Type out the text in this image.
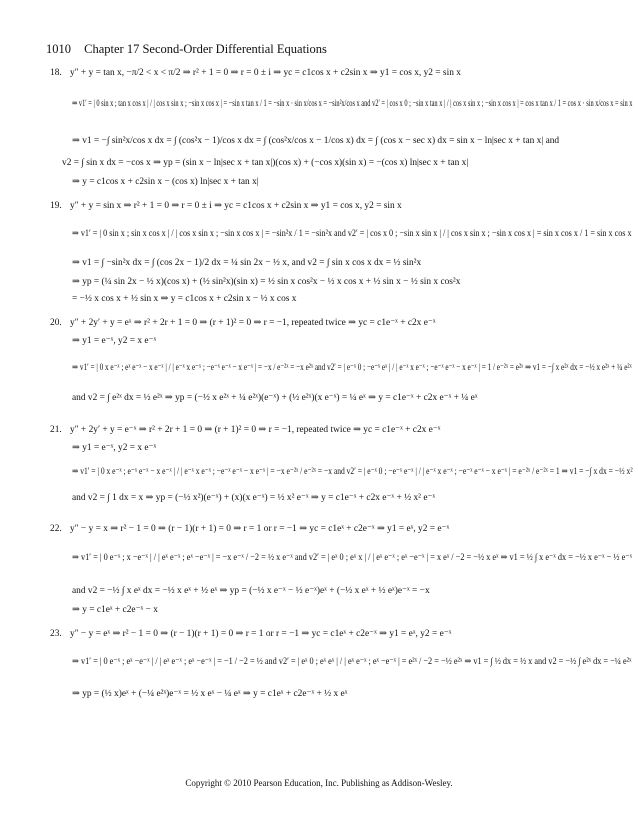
1010 Chapter 17 Second-Order Differential Equations
18. y″ + y = tan x, −π/2 < x < π/2 ⇒ r² + 1 = 0 ⇒ r = 0 ± i ⇒ yc = c1cos x + c2sin x ⇒ y1 = cos x, y2 = sin x
⇒ v1′ = | 0 sin x ; tan x cos x | / | cos x sin x ; −sin x cos x | = −sin x tan x / 1 = −sin x · sin x/cos x = −sin²x/cos x and v2′ = | cos x 0 ; −sin x tan x | / | cos x sin x ; −sin x cos x | = cos x tan x / 1 = cos x · sin x/cos x = sin x
⇒ v1 = −∫ sin²x/cos x dx = ∫ (cos²x − 1)/cos x dx = ∫ (cos²x/cos x − 1/cos x) dx = ∫ (cos x − sec x) dx = sin x − ln|sec x + tan x| and
v2 = ∫ sin x dx = −cos x ⇒ yp = (sin x − ln|sec x + tan x|)(cos x) + (−cos x)(sin x) = −(cos x) ln|sec x + tan x|
⇒ y = c1cos x + c2sin x − (cos x) ln|sec x + tan x|
19. y″ + y = sin x ⇒ r² + 1 = 0 ⇒ r = 0 ± i ⇒ yc = c1cos x + c2sin x ⇒ y1 = cos x, y2 = sin x
⇒ v1′ = | 0 sin x ; sin x cos x | / | cos x sin x ; −sin x cos x | = −sin²x / 1 = −sin²x and v2′ = | cos x 0 ; −sin x sin x | / | cos x sin x ; −sin x cos x | = sin x cos x / 1 = sin x cos x
⇒ v1 = ∫ −sin²x dx = ∫ (cos 2x − 1)/2 dx = ¼ sin 2x − ½ x, and v2 = ∫ sin x cos x dx = ½ sin²x
⇒ yp = (¼ sin 2x − ½ x)(cos x) + (½ sin²x)(sin x) = ½ sin x cos²x − ½ x cos x + ½ sin x − ½ sin x cos²x
= −½ x cos x + ½ sin x ⇒ y = c1cos x + c2sin x − ½ x cos x
20. y″ + 2y′ + y = eˣ ⇒ r² + 2r + 1 = 0 ⇒ (r + 1)² = 0 ⇒ r = −1, repeated twice ⇒ yc = c1e⁻ˣ + c2x e⁻ˣ
⇒ y1 = e⁻ˣ, y2 = x e⁻ˣ
⇒ v1′ = | 0 x e⁻ˣ ; eˣ e⁻ˣ − x e⁻ˣ | / | e⁻ˣ x e⁻ˣ ; −e⁻ˣ e⁻ˣ − x e⁻ˣ | = −x / e⁻²ˣ = −x e²ˣ and v2′ = | e⁻ˣ 0 ; −e⁻ˣ eˣ | / | e⁻ˣ x e⁻ˣ ; −e⁻ˣ e⁻ˣ − x e⁻ˣ | = 1 / e⁻²ˣ = e²ˣ ⇒ v1 = −∫ x e²ˣ dx = −½ x e²ˣ + ¼ e²ˣ
and v2 = ∫ e²ˣ dx = ½ e²ˣ ⇒ yp = (−½ x e²ˣ + ¼ e²ˣ)(e⁻ˣ) + (½ e²ˣ)(x e⁻ˣ) = ¼ eˣ ⇒ y = c1e⁻ˣ + c2x e⁻ˣ + ¼ eˣ
21. y″ + 2y′ + y = e⁻ˣ ⇒ r² + 2r + 1 = 0 ⇒ (r + 1)² = 0 ⇒ r = −1, repeated twice ⇒ yc = c1e⁻ˣ + c2x e⁻ˣ
⇒ y1 = e⁻ˣ, y2 = x e⁻ˣ
⇒ v1′ = | 0 x e⁻ˣ ; e⁻ˣ e⁻ˣ − x e⁻ˣ | / | e⁻ˣ x e⁻ˣ ; −e⁻ˣ e⁻ˣ − x e⁻ˣ | = −x e⁻²ˣ / e⁻²ˣ = −x and v2′ = | e⁻ˣ 0 ; −e⁻ˣ e⁻ˣ | / | e⁻ˣ x e⁻ˣ ; −e⁻ˣ e⁻ˣ − x e⁻ˣ | = e⁻²ˣ / e⁻²ˣ = 1 ⇒ v1 = −∫ x dx = −½ x²
and v2 = ∫ 1 dx = x ⇒ yp = (−½ x²)(e⁻ˣ) + (x)(x e⁻ˣ) = ½ x² e⁻ˣ ⇒ y = c1e⁻ˣ + c2x e⁻ˣ + ½ x² e⁻ˣ
22. y″ − y = x ⇒ r² − 1 = 0 ⇒ (r − 1)(r + 1) = 0 ⇒ r = 1 or r = −1 ⇒ yc = c1eˣ + c2e⁻ˣ ⇒ y1 = eˣ, y2 = e⁻ˣ
⇒ v1′ = | 0 e⁻ˣ ; x −e⁻ˣ | / | eˣ e⁻ˣ ; eˣ −e⁻ˣ | = −x e⁻ˣ / −2 = ½ x e⁻ˣ and v2′ = | eˣ 0 ; eˣ x | / | eˣ e⁻ˣ ; eˣ −e⁻ˣ | = x eˣ / −2 = −½ x eˣ ⇒ v1 = ½ ∫ x e⁻ˣ dx = −½ x e⁻ˣ − ½ e⁻ˣ
and v2 = −½ ∫ x eˣ dx = −½ x eˣ + ½ eˣ ⇒ yp = (−½ x e⁻ˣ − ½ e⁻ˣ)eˣ + (−½ x eˣ + ½ eˣ)e⁻ˣ = −x
⇒ y = c1eˣ + c2e⁻ˣ − x
23. y″ − y = eˣ ⇒ r² − 1 = 0 ⇒ (r − 1)(r + 1) = 0 ⇒ r = 1 or r = −1 ⇒ yc = c1eˣ + c2e⁻ˣ ⇒ y1 = eˣ, y2 = e⁻ˣ
⇒ v1′ = | 0 e⁻ˣ ; eˣ −e⁻ˣ | / | eˣ e⁻ˣ ; eˣ −e⁻ˣ | = −1 / −2 = ½ and v2′ = | eˣ 0 ; eˣ eˣ | / | eˣ e⁻ˣ ; eˣ −e⁻ˣ | = e²ˣ / −2 = −½ e²ˣ ⇒ v1 = ∫ ½ dx = ½ x and v2 = −½ ∫ e²ˣ dx = −¼ e²ˣ
⇒ yp = (½ x)eˣ + (−¼ e²ˣ)e⁻ˣ = ½ x eˣ − ¼ eˣ ⇒ y = c1eˣ + c2e⁻ˣ + ½ x eˣ
Copyright © 2010 Pearson Education, Inc. Publishing as Addison-Wesley.
